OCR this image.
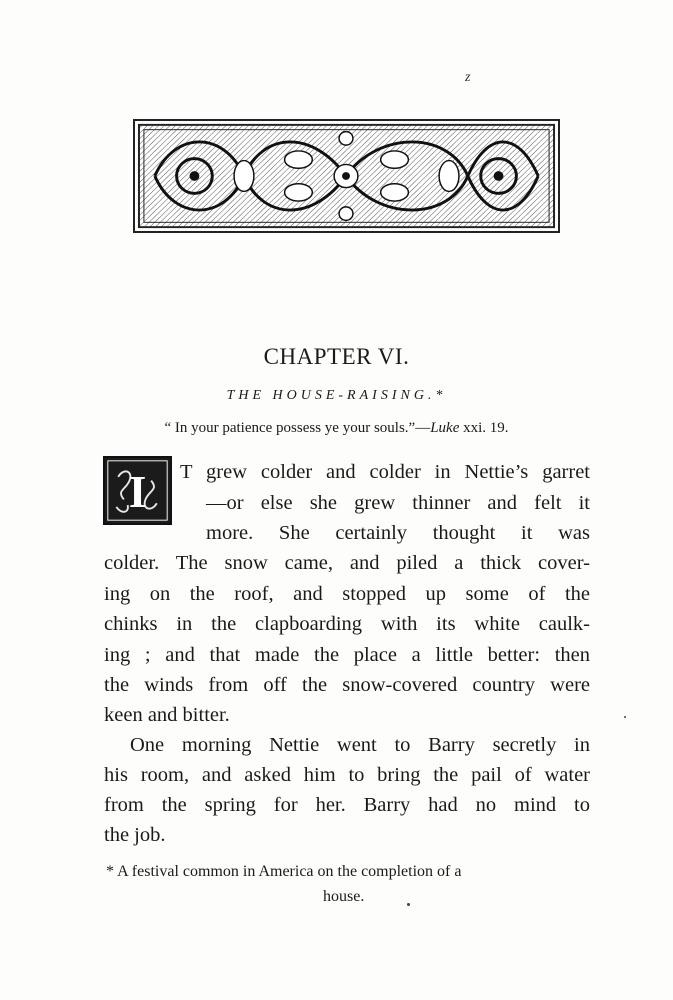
z
CHAPTER VI.
THE HOUSE-RAISING.*
“ In your patience possess ye your souls.”—Luke xxi. 19.
I T grew colder and colder in Nettie’s garret
—or else she grew thinner and felt it
more. She certainly thought it was
colder. The snow came, and piled a thick cover-
ing on the roof, and stopped up some of the
chinks in the clapboarding with its white caulk-
ing ; and that made the place a little better: then
the winds from off the snow-covered country were
keen and bitter.
One morning Nettie went to Barry secretly in
his room, and asked him to bring the pail of water
from the spring for her. Barry had no mind to
the job.
* A festival common in America on the completion of a
house.
